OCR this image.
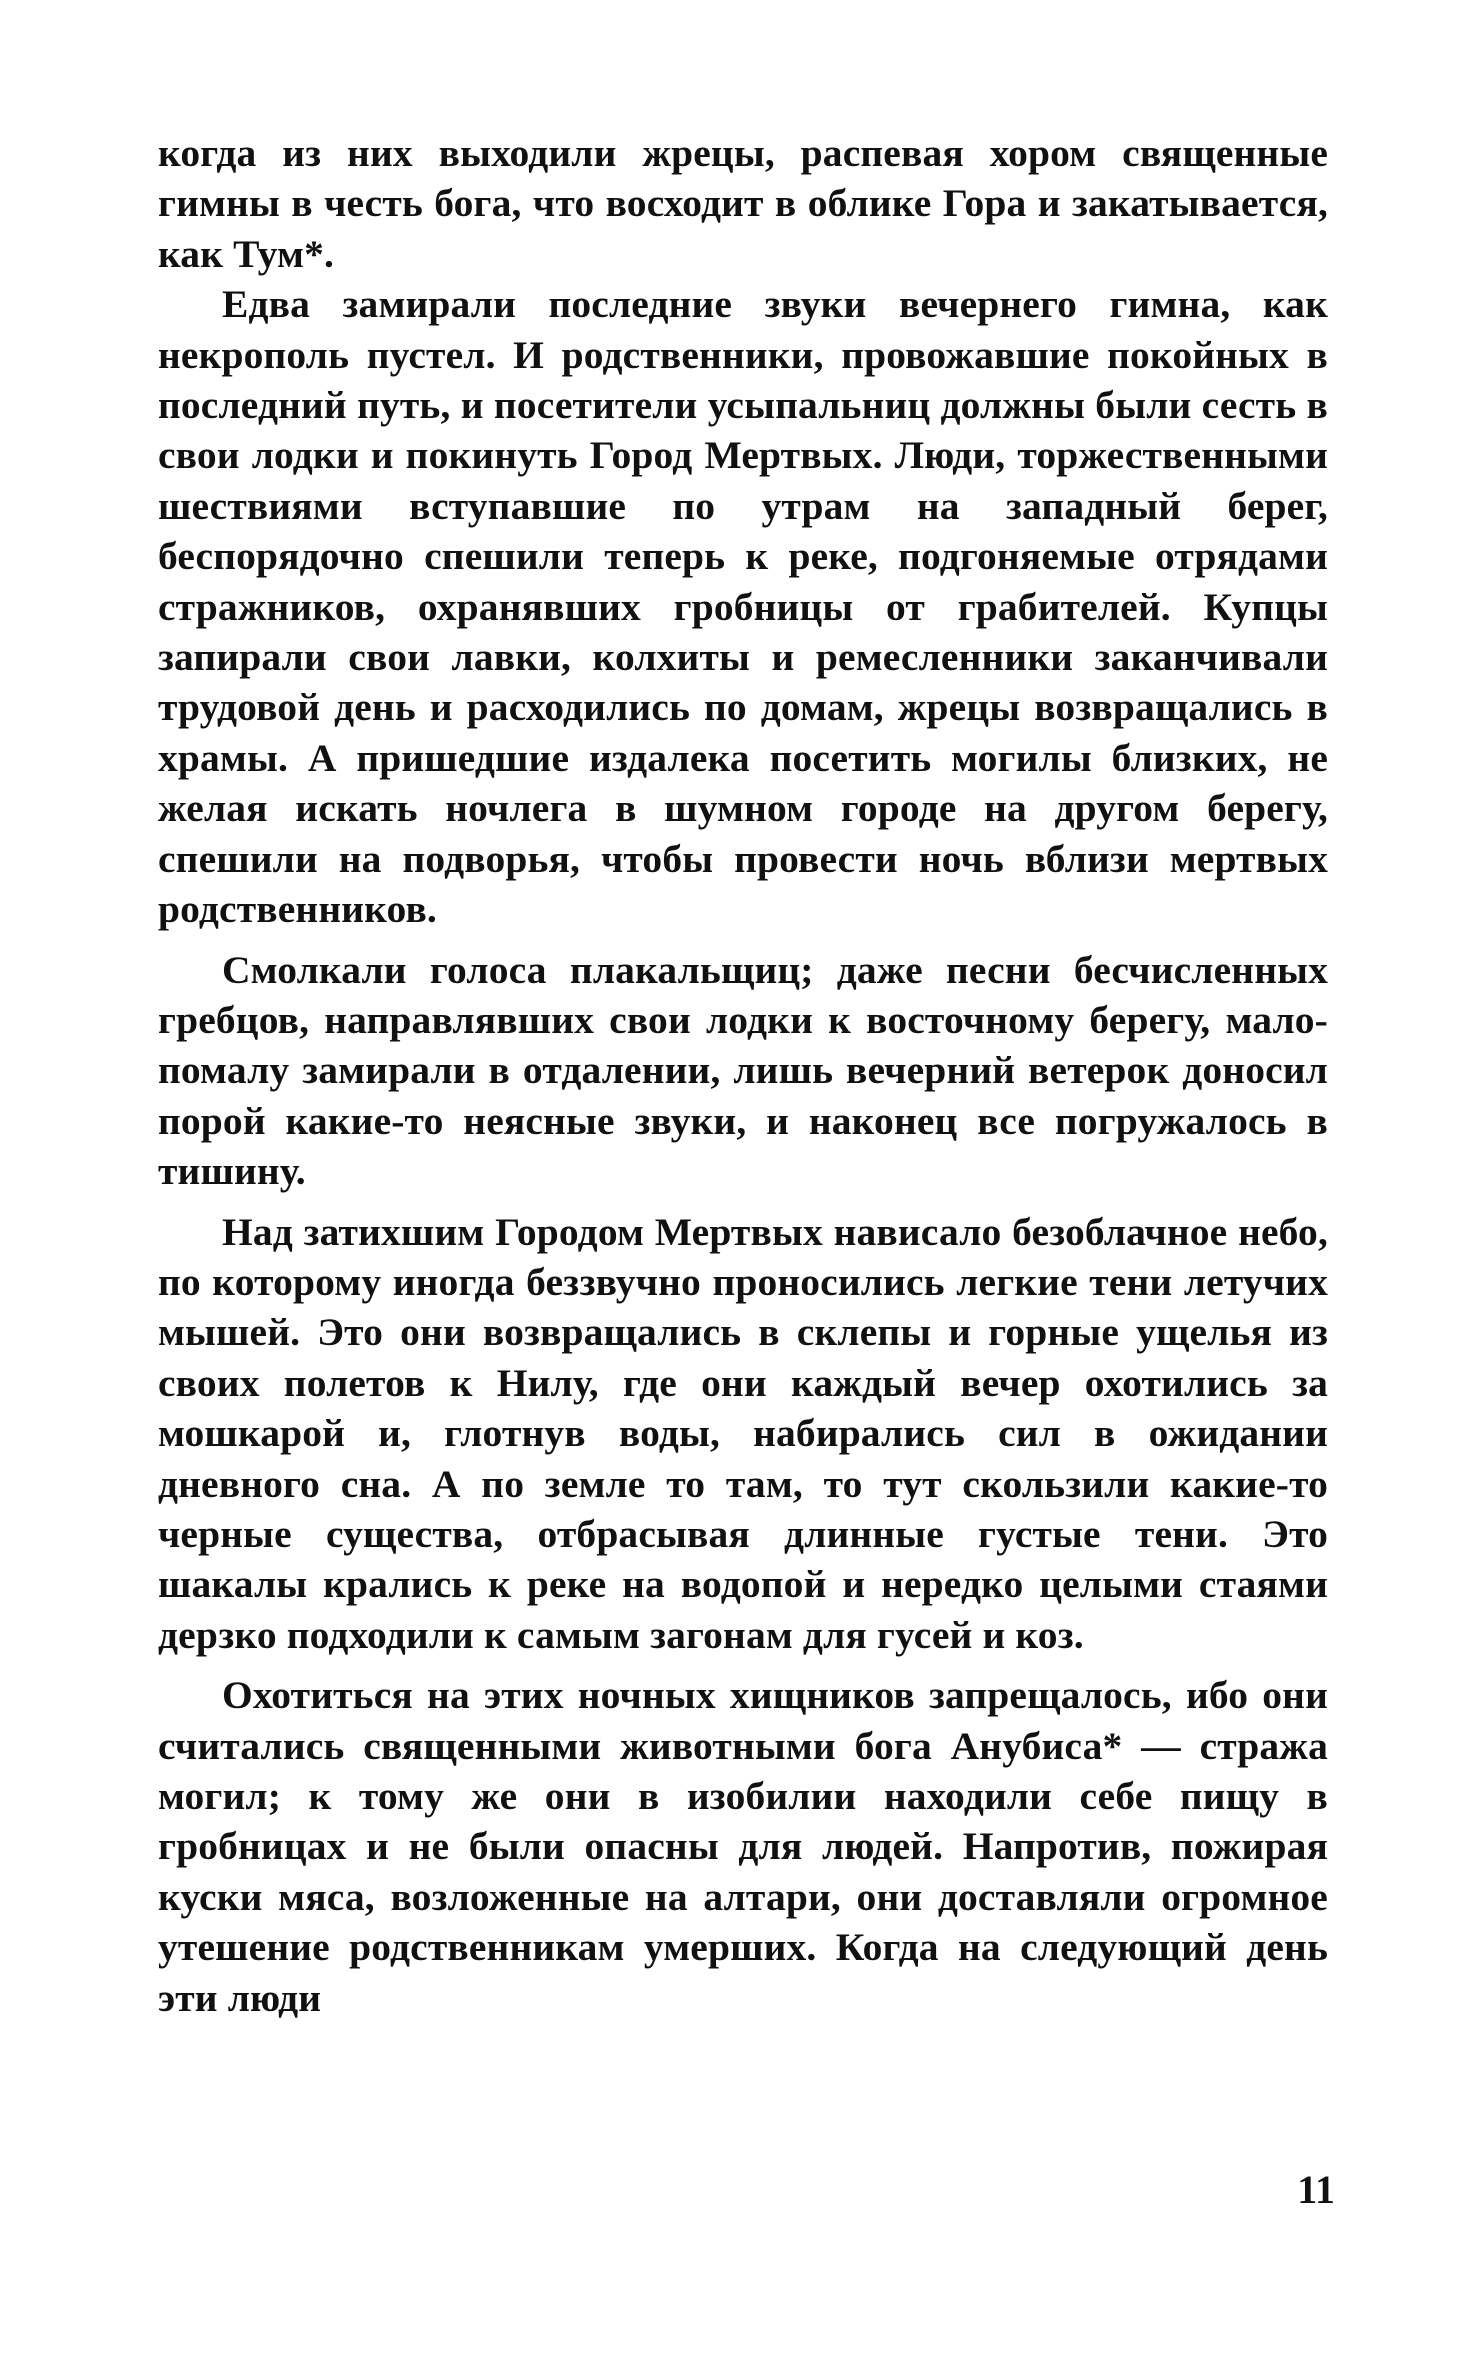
когда из них выходили жрецы, распевая хором священные гимны в честь бога, что восходит в облике Гора и закатывается, как Тум*.

Едва замирали последние звуки вечернего гимна, как некрополь пустел. И родственники, провожавшие покойных в последний путь, и посетители усыпальниц должны были сесть в свои лодки и покинуть Город Мертвых. Люди, торжественными шествиями вступавшие по утрам на западный берег, беспорядочно спешили теперь к реке, подгоняемые отрядами стражников, охранявших гробницы от грабителей. Купцы запирали свои лавки, колхиты и ремесленники заканчивали трудовой день и расходились по домам, жрецы возвращались в храмы. А пришедшие издалека посетить могилы близких, не желая искать ночлега в шумном городе на другом берегу, спешили на подворья, чтобы провести ночь вблизи мертвых родственников.

Смолкали голоса плакальщиц; даже песни бесчисленных гребцов, направлявших свои лодки к восточному берегу, мало-помалу замирали в отдалении, лишь вечерний ветерок доносил порой какие-то неясные звуки, и наконец все погружалось в тишину.

Над затихшим Городом Мертвых нависало безоблачное небо, по которому иногда беззвучно проносились легкие тени летучих мышей. Это они возвращались в склепы и горные ущелья из своих полетов к Нилу, где они каждый вечер охотились за мошкарой и, глотнув воды, набирались сил в ожидании дневного сна. А по земле то там, то тут скользили какие-то черные существа, отбрасывая длинные густые тени. Это шакалы крались к реке на водопой и нередко целыми стаями дерзко подходили к самым загонам для гусей и коз.

Охотиться на этих ночных хищников запрещалось, ибо они считались священными животными бога Анубиса* — стража могил; к тому же они в изобилии находили себе пищу в гробницах и не были опасны для людей. Напротив, пожирая куски мяса, возложенные на алтари, они доставляли огромное утешение родственникам умерших. Когда на следующий день эти люди

11
